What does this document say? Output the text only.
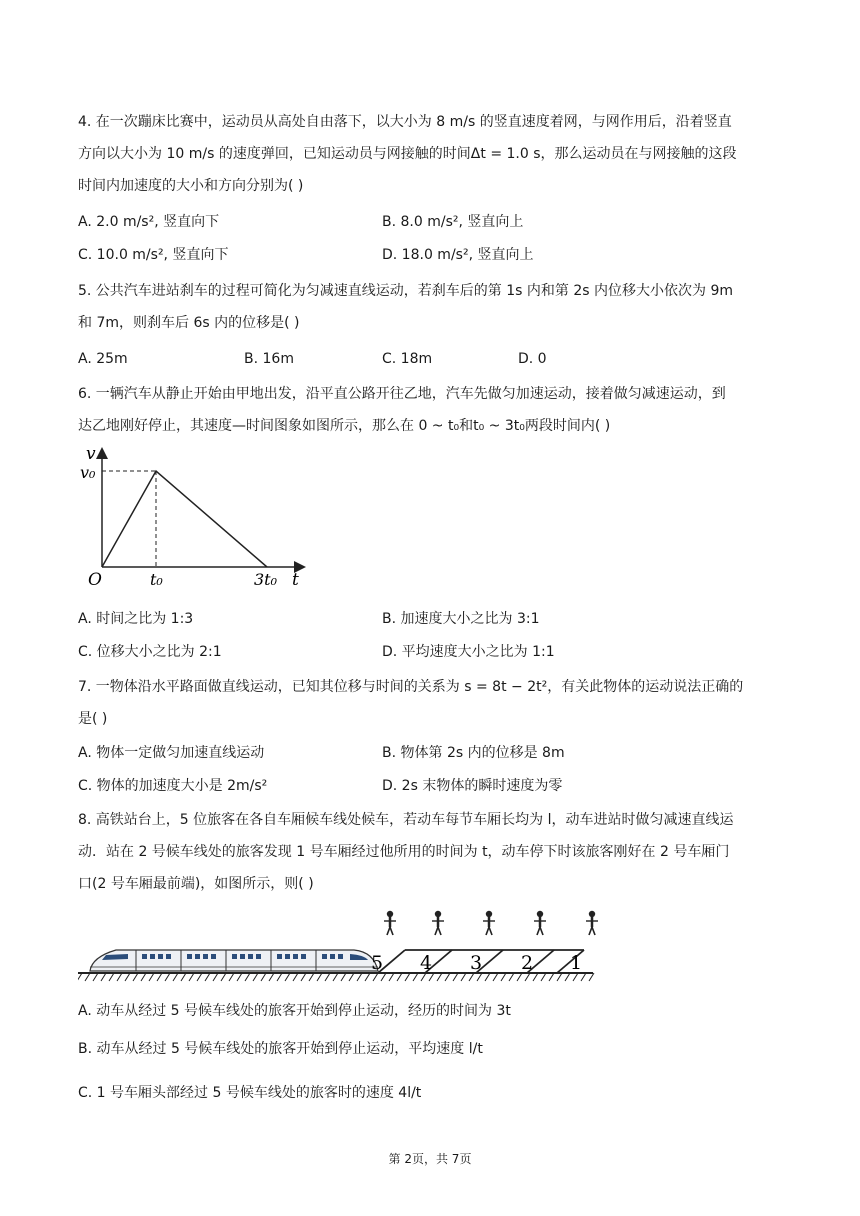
4. 在一次蹦床比赛中，运动员从高处自由落下，以大小为 8 m/s 的竖直速度着网，与网作用后，沿着竖直
方向以大小为 10 m/s 的速度弹回，已知运动员与网接触的时间Δt = 1.0 s，那么运动员在与网接触的这段
时间内加速度的大小和方向分别为( )
A. 2.0 m/s², 竖直向下	B. 8.0 m/s², 竖直向上
C. 10.0 m/s², 竖直向下	D. 18.0 m/s², 竖直向上
5. 公共汽车进站刹车的过程可简化为匀减速直线运动，若刹车后的第 1s 内和第 2s 内位移大小依次为 9m
和 7m，则刹车后 6s 内的位移是( )
A. 25m	B. 16m	C. 18m	D. 0
6. 一辆汽车从静止开始由甲地出发，沿平直公路开往乙地，汽车先做匀加速运动，接着做匀减速运动，到
达乙地刚好停止，其速度—时间图象如图所示，那么在 0 ~ t₀和t₀ ~ 3t₀两段时间内( )
v
v₀
O	t₀	3t₀ t
A. 时间之比为 1:3	B. 加速度大小之比为 3:1
C. 位移大小之比为 2:1	D. 平均速度大小之比为 1:1
7. 一物体沿水平路面做直线运动，已知其位移与时间的关系为 s = 8t − 2t²，有关此物体的运动说法正确的
是( )
A. 物体一定做匀加速直线运动	B. 物体第 2s 内的位移是 8m
C. 物体的加速度大小是 2m/s²	D. 2s 末物体的瞬时速度为零
8. 高铁站台上，5 位旅客在各自车厢候车线处候车，若动车每节车厢长均为 l，动车进站时做匀减速直线运
动．站在 2 号候车线处的旅客发现 1 号车厢经过他所用的时间为 t，动车停下时该旅客刚好在 2 号车厢门
口(2 号车厢最前端)，如图所示，则( )
5 4 3 2 1
A. 动车从经过 5 号候车线处的旅客开始到停止运动，经历的时间为 3t
B. 动车从经过 5 号候车线处的旅客开始到停止运动，平均速度 l/t
C. 1 号车厢头部经过 5 号候车线处的旅客时的速度 4l/t
第 2页，共 7页
